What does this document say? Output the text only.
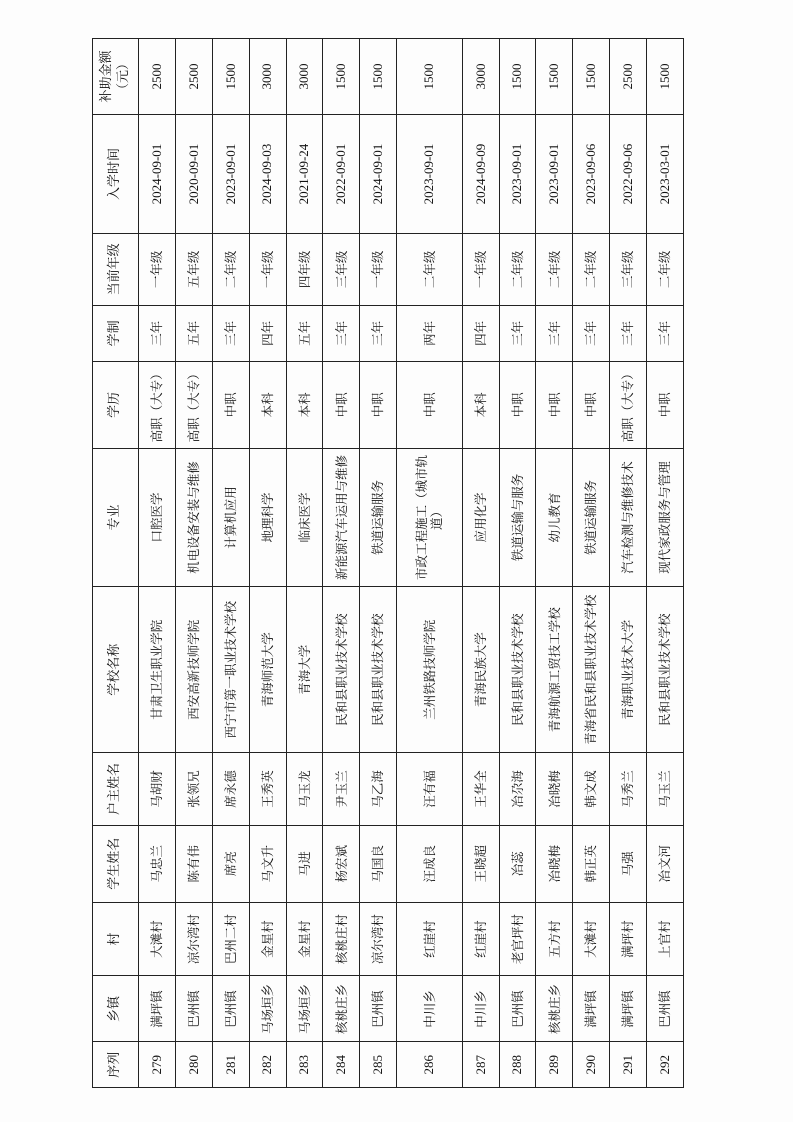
序列	乡镇	村	学生姓名	户主姓名	学校名称	专业	学历	学制	当前年级	入学时间	补助金额（元）
279	满坪镇	大滩村	马忠兰	马胡财	甘肃卫生职业学院	口腔医学	高职（大专）	三年	一年级	2024-09-01	2500
280	巴州镇	凉尔湾村	陈有伟	张领兄	西安高新技师学院	机电设备安装与维修	高职（大专）	五年	五年级	2020-09-01	2500
281	巴州镇	巴州二村	席亮	席永德	西宁市第一职业技术学校	计算机应用	中职	三年	二年级	2023-09-01	1500
282	马场垣乡	金星村	马文升	王秀英	青海师范大学	地理科学	本科	四年	一年级	2024-09-03	3000
283	马场垣乡	金星村	马进	马玉龙	青海大学	临床医学	本科	五年	四年级	2021-09-24	3000
284	核桃庄乡	核桃庄村	杨宏斌	尹玉兰	民和县职业技术学校	新能源汽车运用与维修	中职	三年	三年级	2022-09-01	1500
285	巴州镇	凉尔湾村	马国良	马乙海	民和县职业技术学校	铁道运输服务	中职	三年	一年级	2024-09-01	1500
286	中川乡	红崖村	汪成良	汪有福	兰州铁路技师学院	市政工程施工（城市轨道）	中职	两年	二年级	2023-09-01	1500
287	中川乡	红崖村	王晓超	王华全	青海民族大学	应用化学	本科	四年	一年级	2024-09-09	3000
288	巴州镇	老官坪村	冶蕊	冶尕海	民和县职业技术学校	铁道运输与服务	中职	三年	二年级	2023-09-01	1500
289	核桃庄乡	五方村	冶晓梅	冶晓梅	青海航源工贸技工学校	幼儿教育	中职	三年	二年级	2023-09-01	1500
290	满坪镇	大滩村	韩正英	韩文成	青海省民和县职业技术学校	铁道运输服务	中职	三年	二年级	2023-09-06	1500
291	满坪镇	满坪村	马强	马秀兰	青海职业技术大学	汽车检测与维修技术	高职（大专）	三年	三年级	2022-09-06	2500
292	巴州镇	上官村	冶文河	马玉兰	民和县职业技术学校	现代家政服务与管理	中职	三年	二年级	2023-03-01	1500
